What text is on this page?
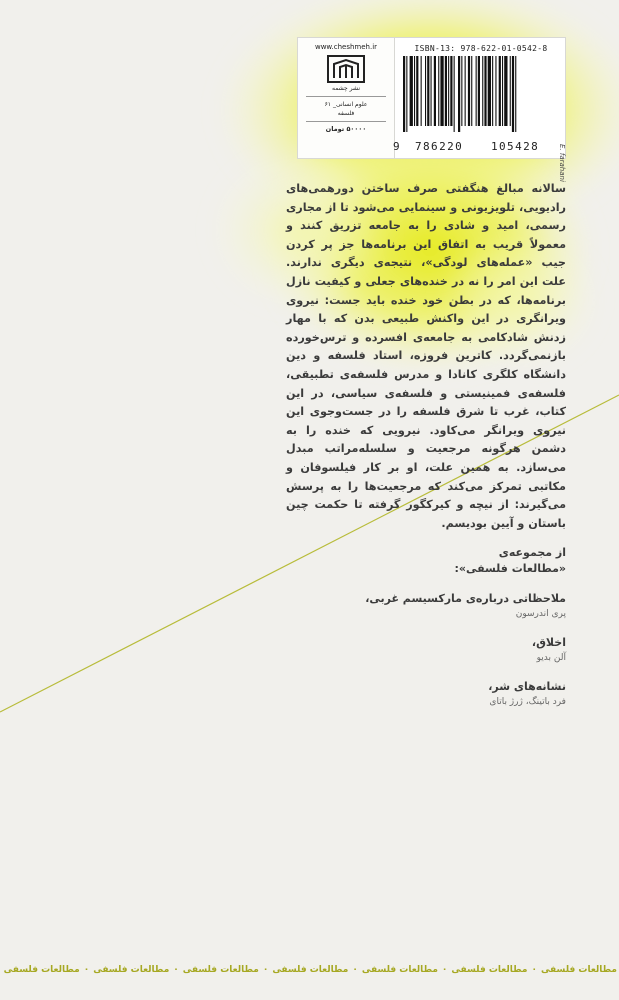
www.cheshmeh.ir
نشر چشمه
علوم انسانی_ ۶۱
فلسفه
۵۰۰۰۰ تومان
ISBN-13: 978-622-01-0542-8
9 786220	105428	E. farahani
سالانه مبالغ هنگفتی صرف ساختن دورهمی‌های رادیویی، تلویزیونی و سینمایی می‌شود تا از مجاری رسمی، امید و شادی را به جامعه تزریق کنند و معمولاً قریب به اتفاق این برنامه‌ها جز پر کردن جیب «عمله‌های لودگی»، نتیجه‌ی دیگری ندارند. علت این امر را نه در خنده‌های جعلی و کیفیت نازل برنامه‌ها، که در بطن خود خنده باید جست: نیروی ویرانگری در این واکنش طبیعی بدن که با مهار زدنش شادکامی به جامعه‌ی افسرده و ترس‌خورده بازنمی‌گردد. کاترین فروزه، استاد فلسفه و دین دانشگاه کلگری کانادا و مدرس فلسفه‌ی تطبیقی، فلسفه‌ی فمینیستی و فلسفه‌ی سیاسی، در این کتاب، غرب تا شرق فلسفه را در جست‌وجوی این نیروی ویرانگر می‌کاود. نیرویی که خنده را به دشمن هرگونه مرجعیت و سلسله‌مراتب مبدل می‌سازد. به همین علت، او بر کار فیلسوفان و مکاتبی تمرکز می‌کند که مرجعیت‌ها را به پرسش می‌گیرند: از نیچه و کیرکگور گرفته تا حکمت چین باستان و آیین بودیسم.
از مجموعه‌ی
«مطالعات فلسفی»:
ملاحظاتی درباره‌ی مارکسیسم غربی،
پری اندرسون
اخلاق،
آلن بدیو
نشانه‌های شر،
فرد باتینگ، ژرژ باتای
مطالعات فلسفی۰مطالعات فلسفی۰مطالعات فلسفی۰مطالعات فلسفی۰مطالعات فلسفی۰مطالعات فلسفی۰مطالعات فلسفی
